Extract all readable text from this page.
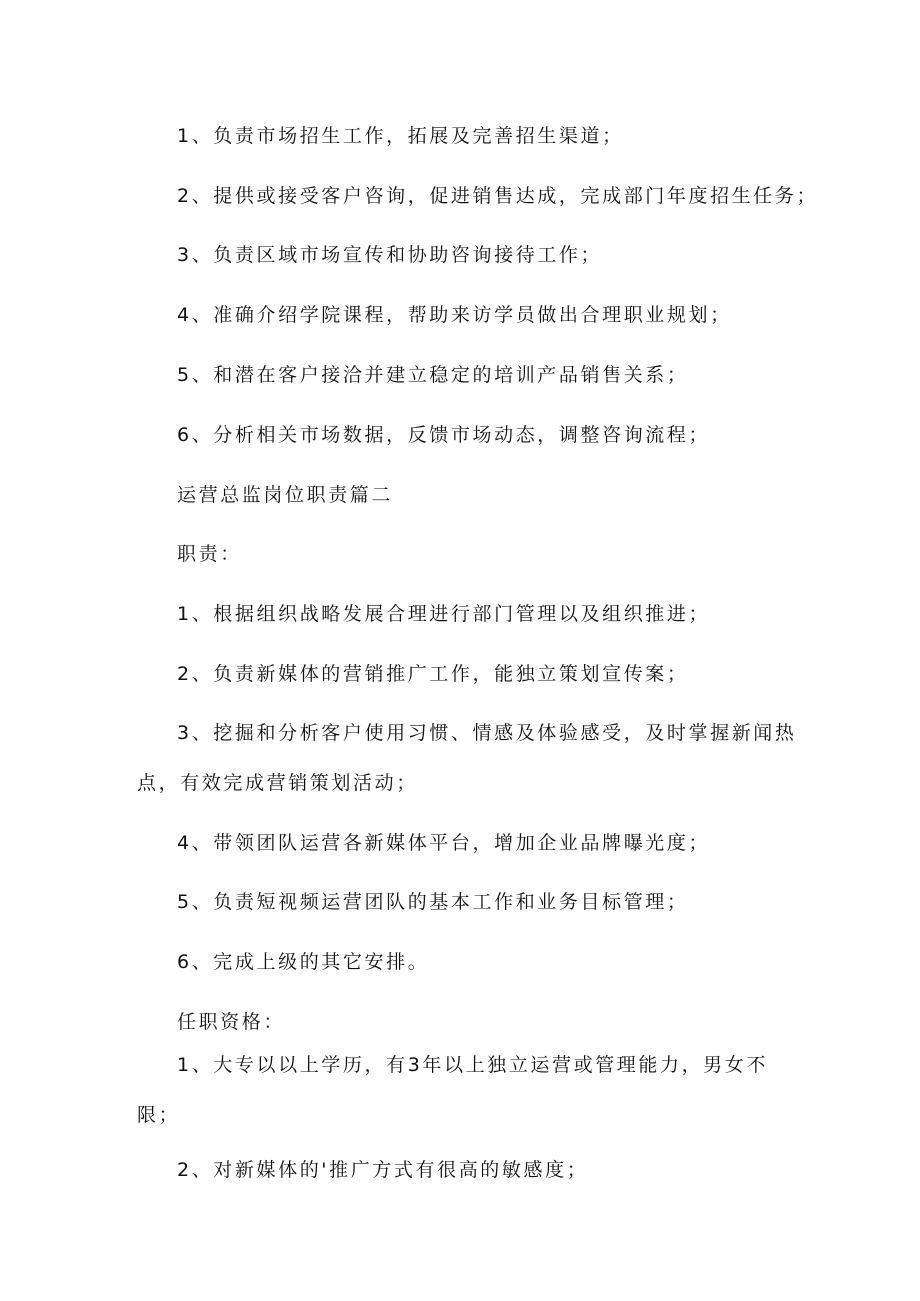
1、负责市场招生工作，拓展及完善招生渠道；

2、提供或接受客户咨询，促进销售达成，完成部门年度招生任务；

3、负责区域市场宣传和协助咨询接待工作；

4、准确介绍学院课程，帮助来访学员做出合理职业规划；

5、和潜在客户接洽并建立稳定的培训产品销售关系；

6、分析相关市场数据，反馈市场动态，调整咨询流程；

运营总监岗位职责篇二

职责：

1、根据组织战略发展合理进行部门管理以及组织推进；

2、负责新媒体的营销推广工作，能独立策划宣传案；

3、挖掘和分析客户使用习惯、情感及体验感受，及时掌握新闻热

点，有效完成营销策划活动；

4、带领团队运营各新媒体平台，增加企业品牌曝光度；

5、负责短视频运营团队的基本工作和业务目标管理；

6、完成上级的其它安排。

任职资格：

1、大专以以上学历，有3年以上独立运营或管理能力，男女不

限；

2、对新媒体的'推广方式有很高的敏感度；
